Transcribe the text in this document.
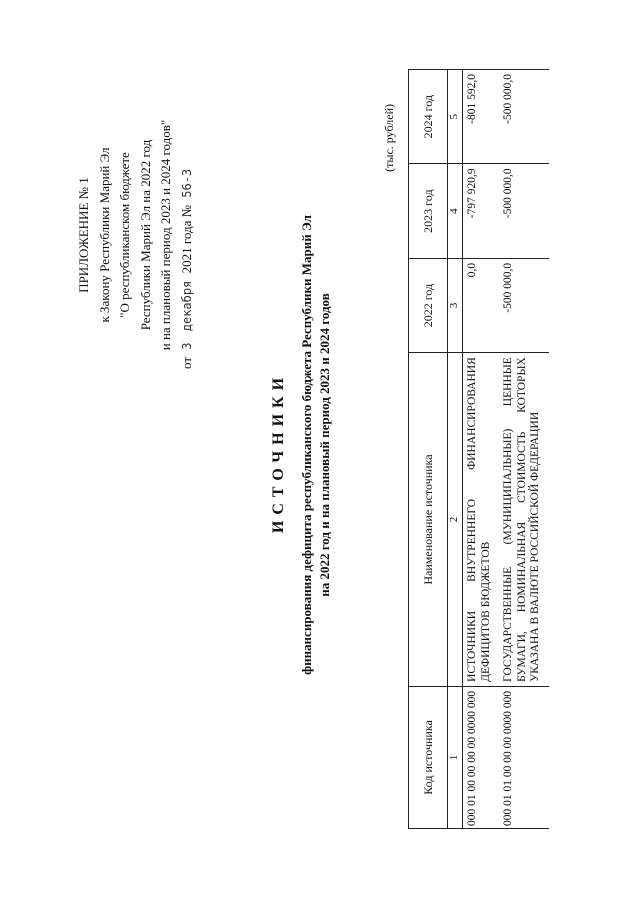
ПРИЛОЖЕНИЕ № 1 к Закону Республики Марий Эл "О республиканском бюджете Республики Марий Эл на 2022 год и на плановый период 2023 и 2024 годов"
от 3 декабря 2021 года № 56-З
ИСТОЧНИКИ финансирования дефицита республиканского бюджета Республики Марий Эл на 2022 год и на плановый период 2023 и 2024 годов
(тыс. рублей)
Код источника	Наименование источника	2022 год	2023 год	2024 год
1	2	3	4	5
000 01 00 00 00 00 0000 000	ИСТОЧНИКИ ВНУТРЕННЕГО ФИНАНСИРОВАНИЯ ДЕФИЦИТОВ БЮДЖЕТОВ	0,0	-797 920,9	-801 592,0
000 01 01 00 00 00 0000 000	ГОСУДАРСТВЕННЫЕ (МУНИЦИПАЛЬНЫЕ) ЦЕННЫЕ БУМАГИ, НОМИНАЛЬНАЯ СТОИМОСТЬ КОТОРЫХ УКАЗАНА В ВАЛЮТЕ РОССИЙСКОЙ ФЕДЕРАЦИИ	-500 000,0	-500 000,0	-500 000,0
